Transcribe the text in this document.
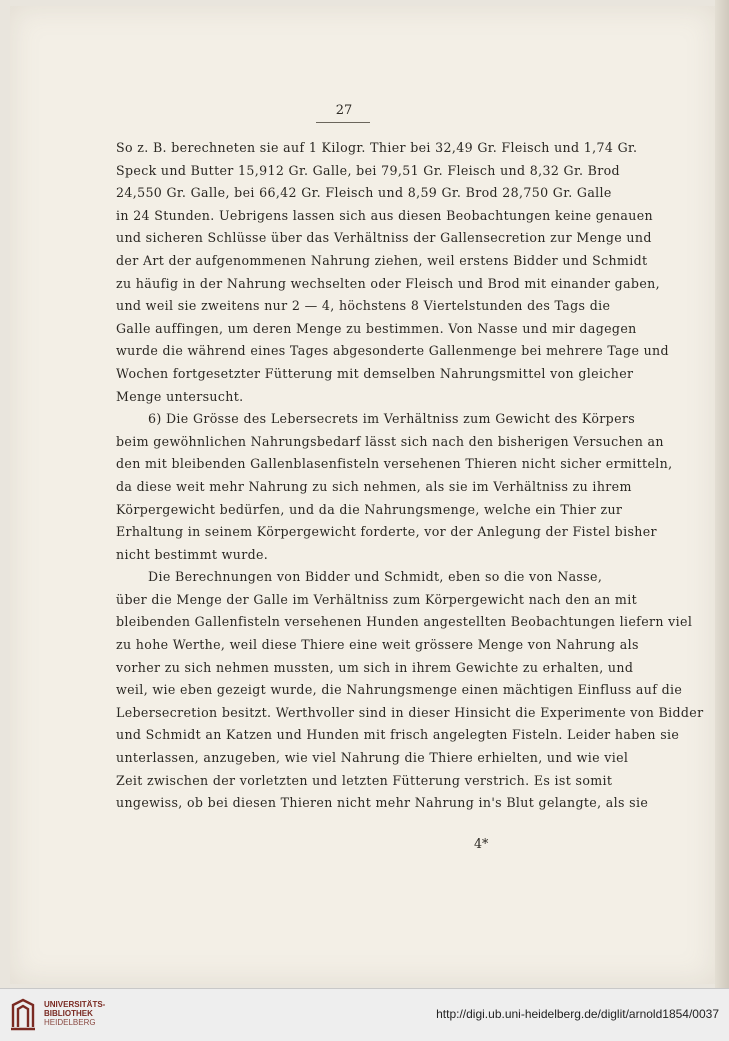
27
So z. B. berechneten sie auf 1 Kilogr. Thier bei 32,49 Gr. Fleisch und 1,74 Gr.
Speck und Butter 15,912 Gr. Galle, bei 79,51 Gr. Fleisch und 8,32 Gr. Brod
24,550 Gr. Galle, bei 66,42 Gr. Fleisch und 8,59 Gr. Brod 28,750 Gr. Galle
in 24 Stunden. Uebrigens lassen sich aus diesen Beobachtungen keine genauen
und sicheren Schlüsse über das Verhältniss der Gallensecretion zur Menge und
der Art der aufgenommenen Nahrung ziehen, weil erstens Bidder und Schmidt
zu häufig in der Nahrung wechselten oder Fleisch und Brod mit einander gaben,
und weil sie zweitens nur 2 — 4, höchstens 8 Viertelstunden des Tags die
Galle auffingen, um deren Menge zu bestimmen. Von Nasse und mir dagegen
wurde die während eines Tages abgesonderte Gallenmenge bei mehrere Tage und
Wochen fortgesetzter Fütterung mit demselben Nahrungsmittel von gleicher
Menge untersucht.
6) Die Grösse des Lebersecrets im Verhältniss zum Gewicht des Körpers
beim gewöhnlichen Nahrungsbedarf lässt sich nach den bisherigen Versuchen an
den mit bleibenden Gallenblasenfisteln versehenen Thieren nicht sicher ermitteln,
da diese weit mehr Nahrung zu sich nehmen, als sie im Verhältniss zu ihrem
Körpergewicht bedürfen, und da die Nahrungsmenge, welche ein Thier zur
Erhaltung in seinem Körpergewicht forderte, vor der Anlegung der Fistel bisher
nicht bestimmt wurde.
Die Berechnungen von Bidder und Schmidt, eben so die von Nasse,
über die Menge der Galle im Verhältniss zum Körpergewicht nach den an mit
bleibenden Gallenfisteln versehenen Hunden angestellten Beobachtungen liefern viel
zu hohe Werthe, weil diese Thiere eine weit grössere Menge von Nahrung als
vorher zu sich nehmen mussten, um sich in ihrem Gewichte zu erhalten, und
weil, wie eben gezeigt wurde, die Nahrungsmenge einen mächtigen Einfluss auf die
Lebersecretion besitzt. Werthvoller sind in dieser Hinsicht die Experimente von Bidder
und Schmidt an Katzen und Hunden mit frisch angelegten Fisteln. Leider haben sie
unterlassen, anzugeben, wie viel Nahrung die Thiere erhielten, und wie viel
Zeit zwischen der vorletzten und letzten Fütterung verstrich. Es ist somit
ungewiss, ob bei diesen Thieren nicht mehr Nahrung in's Blut gelangte, als sie
4*
UNIVERSITÄTS-
BIBLIOTHEK
HEIDELBERG
http://digi.ub.uni-heidelberg.de/diglit/arnold1854/0037
